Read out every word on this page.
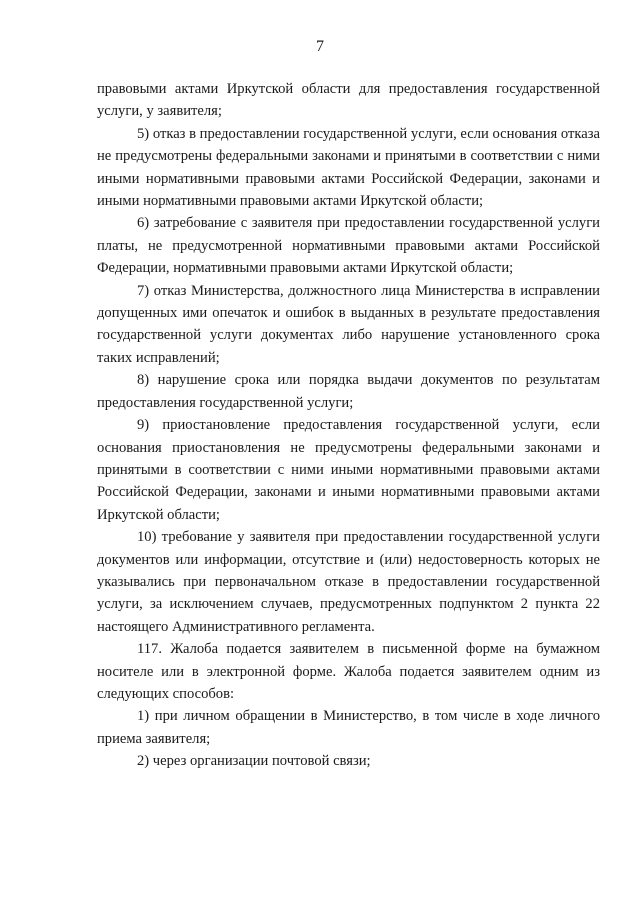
7

правовыми актами Иркутской области для предоставления государственной услуги, у заявителя;

5) отказ в предоставлении государственной услуги, если основания отказа не предусмотрены федеральными законами и принятыми в соответствии с ними иными нормативными правовыми актами Российской Федерации, законами и иными нормативными правовыми актами Иркутской области;

6) затребование с заявителя при предоставлении государственной услуги платы, не предусмотренной нормативными правовыми актами Российской Федерации, нормативными правовыми актами Иркутской области;

7) отказ Министерства, должностного лица Министерства в исправлении допущенных ими опечаток и ошибок в выданных в результате предоставления государственной услуги документах либо нарушение установленного срока таких исправлений;

8) нарушение срока или порядка выдачи документов по результатам предоставления государственной услуги;

9) приостановление предоставления государственной услуги, если основания приостановления не предусмотрены федеральными законами и принятыми в соответствии с ними иными нормативными правовыми актами Российской Федерации, законами и иными нормативными правовыми актами Иркутской области;

10) требование у заявителя при предоставлении государственной услуги документов или информации, отсутствие и (или) недостоверность которых не указывались при первоначальном отказе в предоставлении государственной услуги, за исключением случаев, предусмотренных подпунктом 2 пункта 22 настоящего Административного регламента.

117. Жалоба подается заявителем в письменной форме на бумажном носителе или в электронной форме. Жалоба подается заявителем одним из следующих способов:

1) при личном обращении в Министерство, в том числе в ходе личного приема заявителя;

2) через организации почтовой связи;
